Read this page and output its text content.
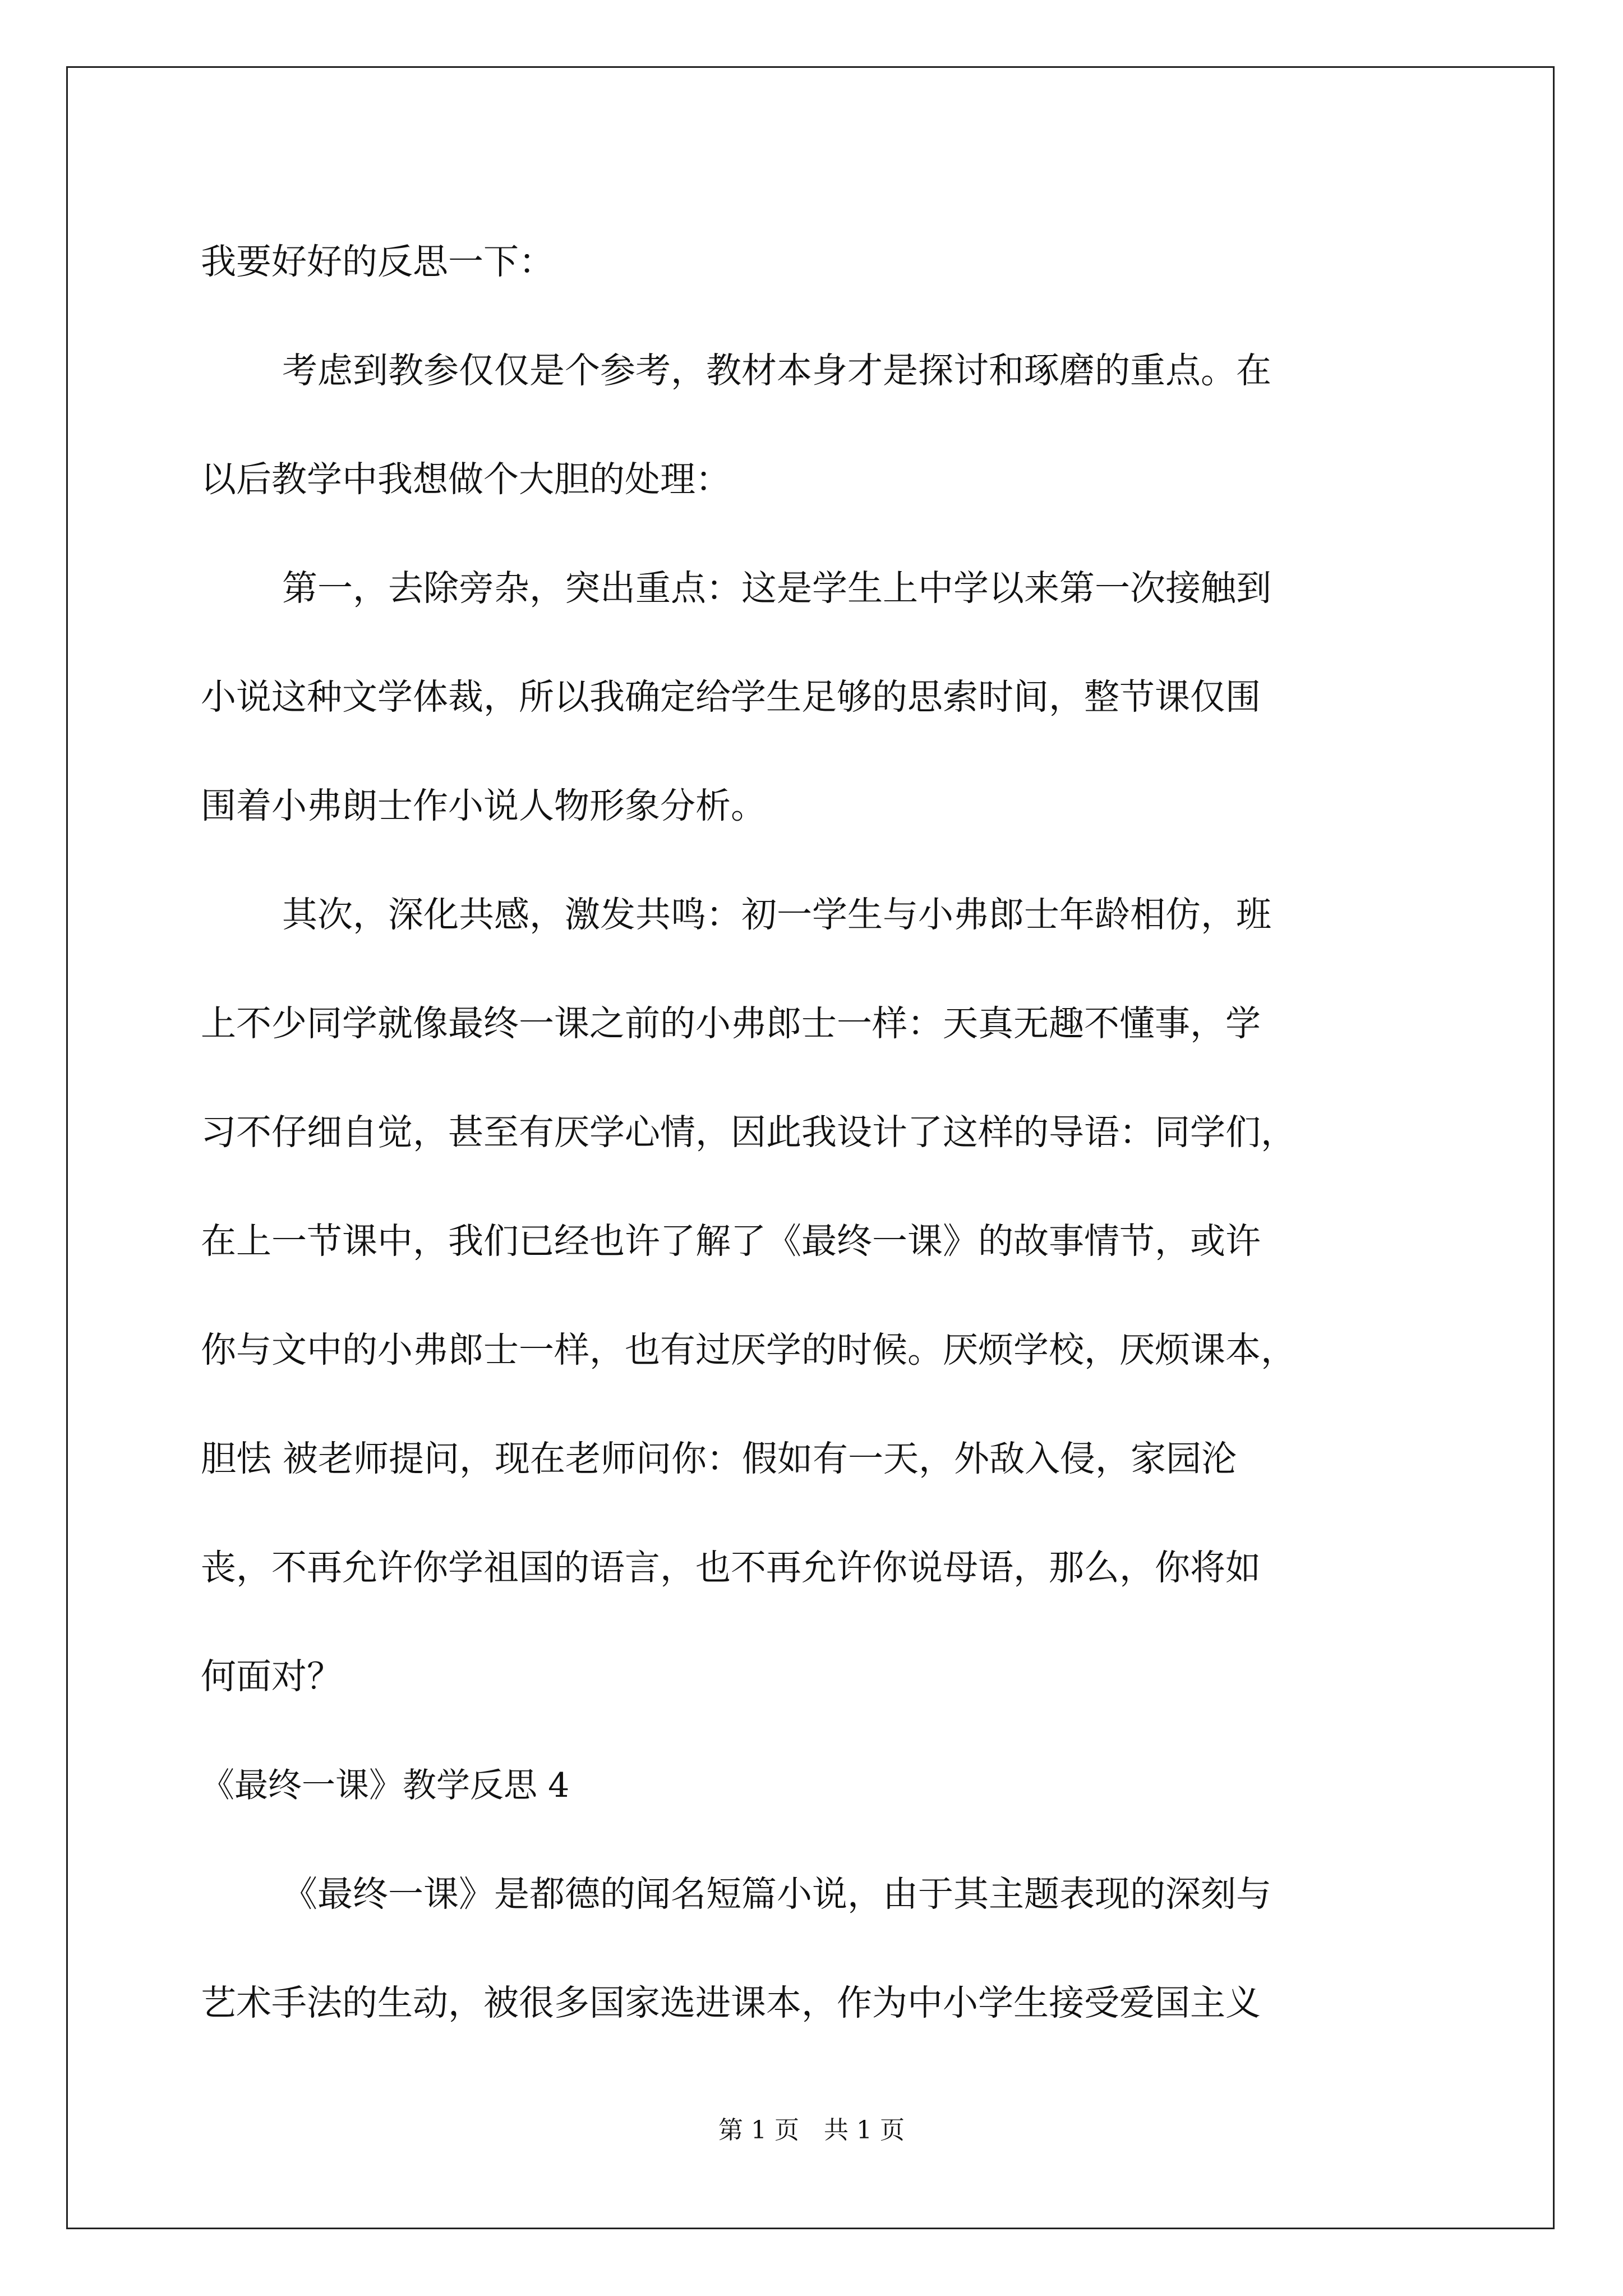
我要好好的反思一下：
考虑到教参仅仅是个参考，教材本身才是探讨和琢磨的重点。在
以后教学中我想做个大胆的处理：
第一，去除旁杂，突出重点：这是学生上中学以来第一次接触到
小说这种文学体裁，所以我确定给学生足够的思索时间，整节课仅围
围着小弗朗士作小说人物形象分析。
其次，深化共感，激发共鸣：初一学生与小弗郎士年龄相仿，班
上不少同学就像最终一课之前的小弗郎士一样：天真无趣不懂事，学
习不仔细自觉，甚至有厌学心情，因此我设计了这样的导语：同学们，
在上一节课中，我们已经也许了解了《最终一课》的故事情节，或许
你与文中的小弗郎士一样，也有过厌学的时候。厌烦学校，厌烦课本，
胆怯 被老师提问，现在老师问你：假如有一天，外敌入侵，家园沦
丧，不再允许你学祖国的语言，也不再允许你说母语，那么，你将如
何面对？
《最终一课》教学反思 4
《最终一课》是都德的闻名短篇小说，由于其主题表现的深刻与
艺术手法的生动，被很多国家选进课本，作为中小学生接受爱国主义
第 1 页　共 1 页
